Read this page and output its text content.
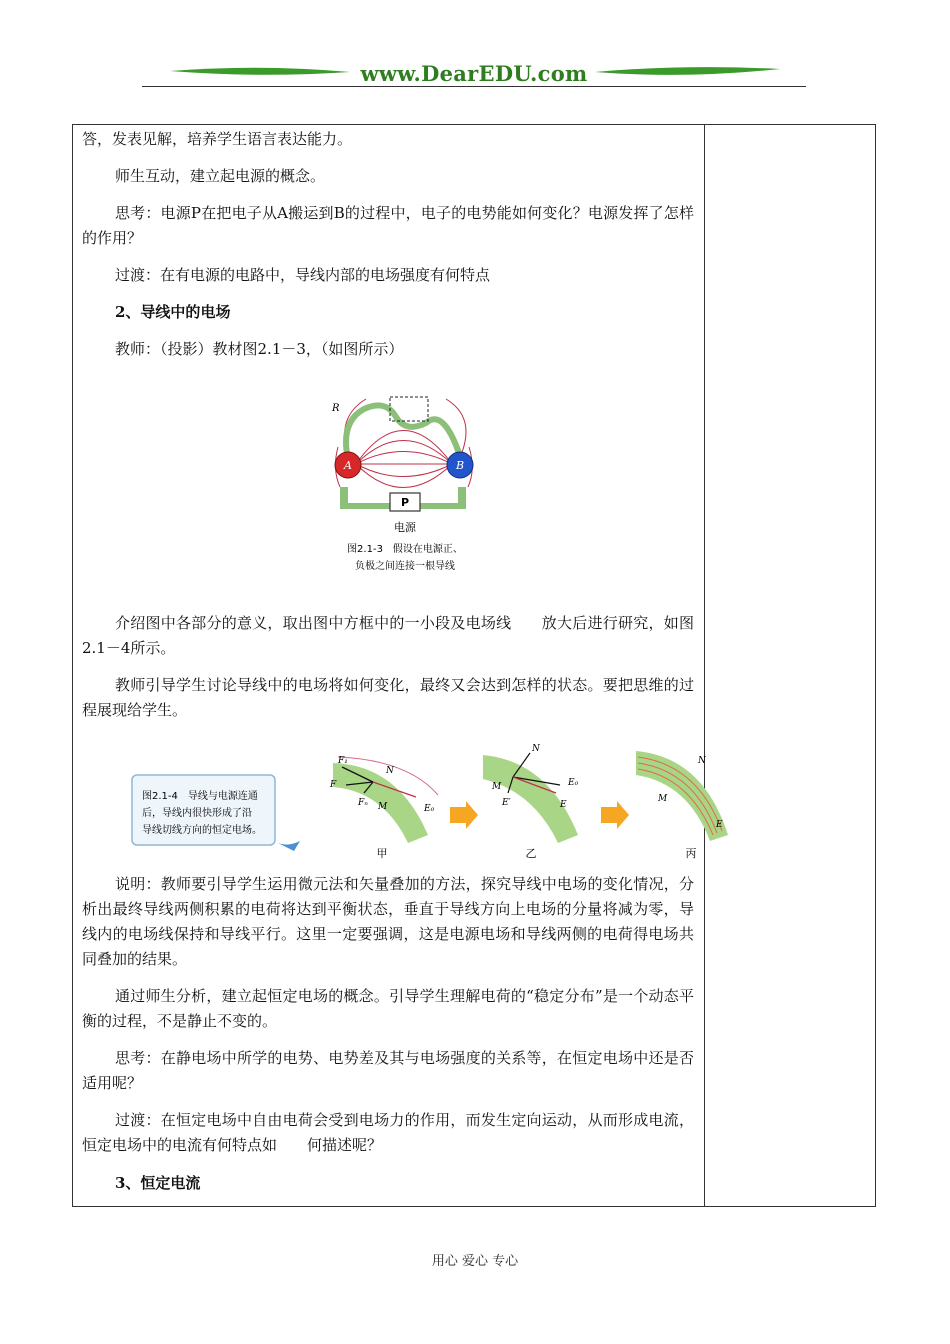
www.DearEDU.com

答，发表见解，培养学生语言表达能力。

师生互动，建立起电源的概念。

思考：电源P在把电子从A搬运到B的过程中，电子的电势能如何变化？电源发挥了怎样的作用？

过渡：在有电源的电路中，导线内部的电场强度有何特点

2、导线中的电场

教师：（投影）教材图2.1－3，（如图所示）

P
A	B
R
电源
图2.1-3　假设在电源正、
负极之间连接一根导线

介绍图中各部分的意义，取出图中方框中的一小段及电场线　　放大后进行研究，如图2.1－4所示。

教师引导学生讨论导线中的电场将如何变化，最终又会达到怎样的状态。要把思维的过程展现给学生。

图2.1-4　导线与电源连通
后，导线内很快形成了沿
导线切线方向的恒定电场。
F₁
F
Fₙ M
N
E₀
甲
N
M
E′
E₀
E
乙
N
M
E
丙

说明：教师要引导学生运用微元法和矢量叠加的方法，探究导线中电场的变化情况，分析出最终导线两侧积累的电荷将达到平衡状态，垂直于导线方向上电场的分量将减为零，导线内的电场线保持和导线平行。这里一定要强调，这是电源电场和导线两侧的电荷得电场共同叠加的结果。

通过师生分析，建立起恒定电场的概念。引导学生理解电荷的“稳定分布”是一个动态平衡的过程，不是静止不变的。

思考：在静电场中所学的电势、电势差及其与电场强度的关系等，在恒定电场中还是否适用呢？

过渡：在恒定电场中自由电荷会受到电场力的作用，而发生定向运动，从而形成电流，恒定电场中的电流有何特点如　　何描述呢？

3、恒定电流

用心 爱心 专心
